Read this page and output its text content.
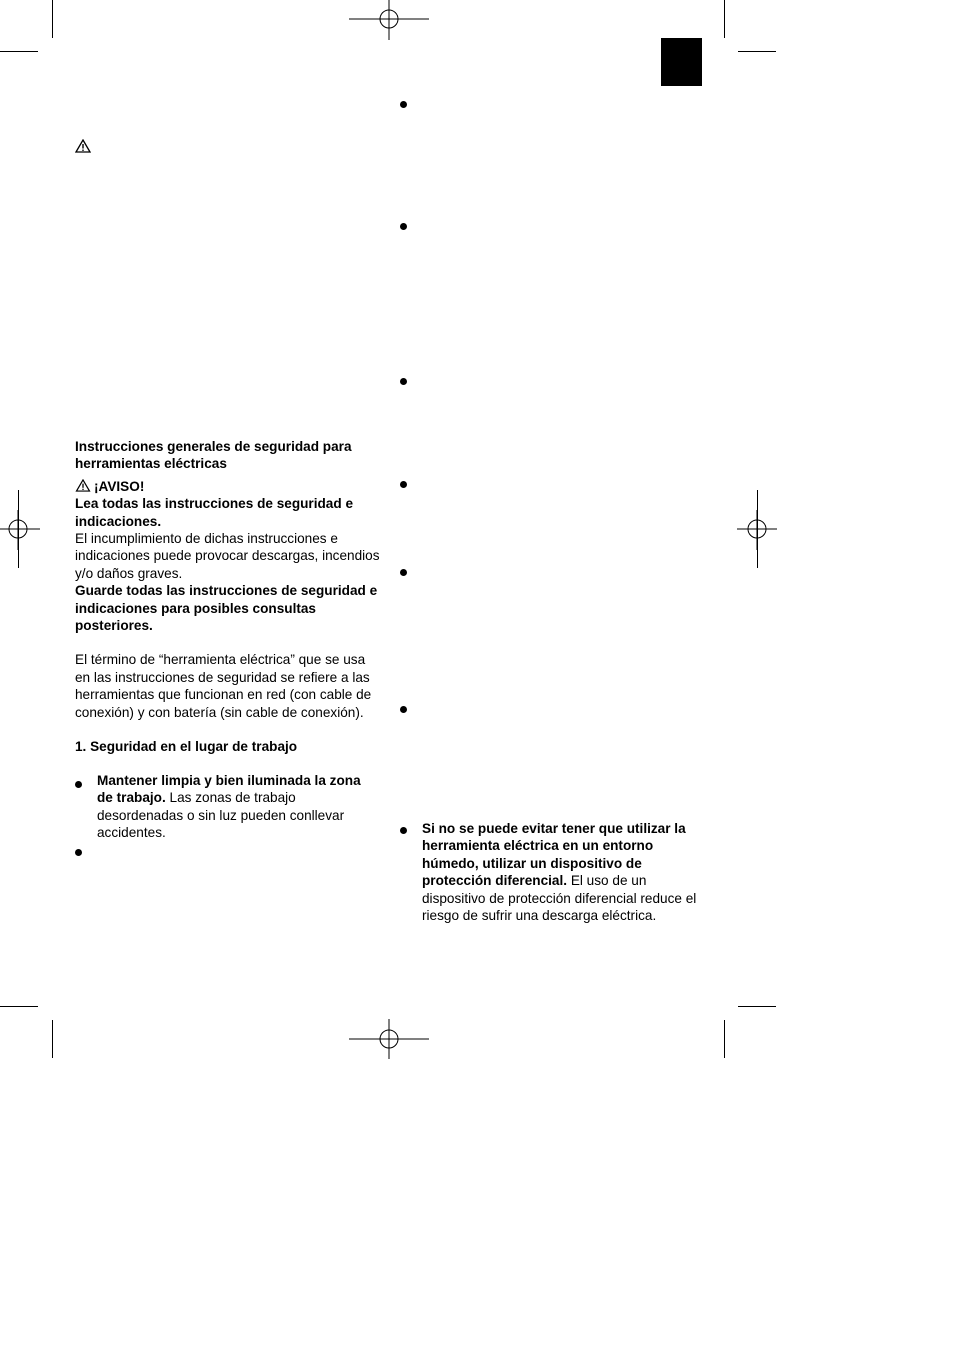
Instrucciones generales de seguridad para herramientas eléctricas

¡AVISO!

Lea todas las instrucciones de seguridad e indicaciones.

El incumplimiento de dichas instrucciones e indicaciones puede provocar descargas, incendios y/o daños graves.

Guarde todas las instrucciones de seguridad e indicaciones para posibles consultas posteriores.

El término de “herramienta eléctrica” que se usa en las instrucciones de seguridad se refiere a las herramientas que funcionan en red (con cable de conexión) y con batería (sin cable de conexión).

1. Seguridad en el lugar de trabajo

Mantener limpia y bien iluminada la zona de trabajo. Las zonas de trabajo desordenadas o sin luz pueden conllevar accidentes.	Si no se puede evitar tener que utilizar la herramienta eléctrica en un entorno húmedo, utilizar un dispositivo de protección diferencial. El uso de un dispositivo de protección diferencial reduce el riesgo de sufrir una descarga eléctrica.
